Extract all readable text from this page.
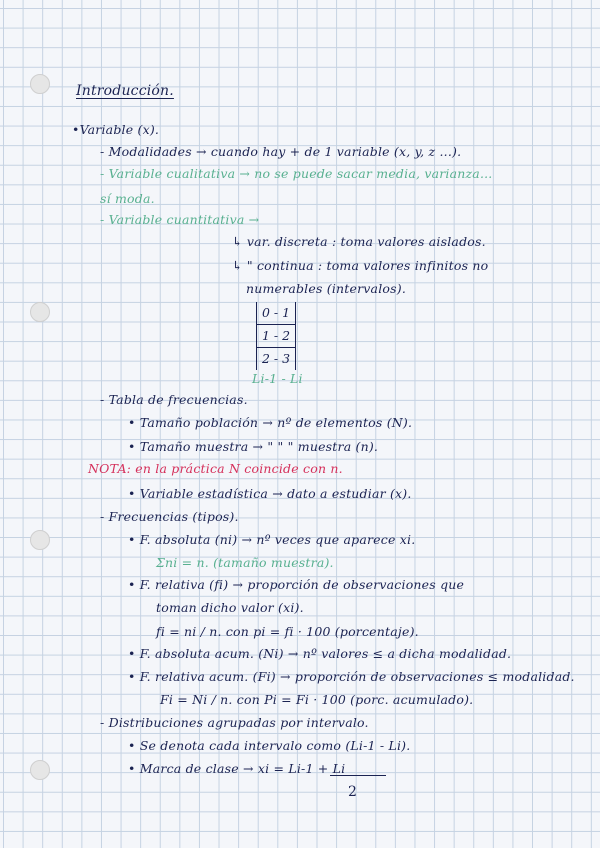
Introducción.
•Variable (x).
- Modalidades → cuando hay + de 1 variable (x, y, z ...).
- Variable cualitativa → no se puede sacar media, varianza...
sí moda.
- Variable cuantitativa →
↳ var. discreta : toma valores aislados.
↳ " continua : toma valores infinitos no
numerables (intervalos).
Li-1 - Li
- Tabla de frecuencias.
• Tamaño población → nº de elementos (N).
• Tamaño muestra → " " " muestra (n).
NOTA: en la práctica N coincide con n.
• Variable estadística → dato a estudiar (x).
- Frecuencias (tipos).
• F. absoluta (ni) → nº veces que aparece xi.
Σni = n. (tamaño muestra).
• F. relativa (fi) → proporción de observaciones que
toman dicho valor (xi).
fi = ni / n. con pi = fi · 100 (porcentaje).
• F. absoluta acum. (Ni) → nº valores ≤ a dicha modalidad.
• F. relativa acum. (Fi) → proporción de observaciones ≤ modalidad.
Fi = Ni / n. con Pi = Fi · 100 (porc. acumulado).
- Distribuciones agrupadas por intervalo.
• Se denota cada intervalo como (Li-1 - Li).
• Marca de clase → xi = Li-1 + Li
0 - 1
1 - 2
2 - 3
2
